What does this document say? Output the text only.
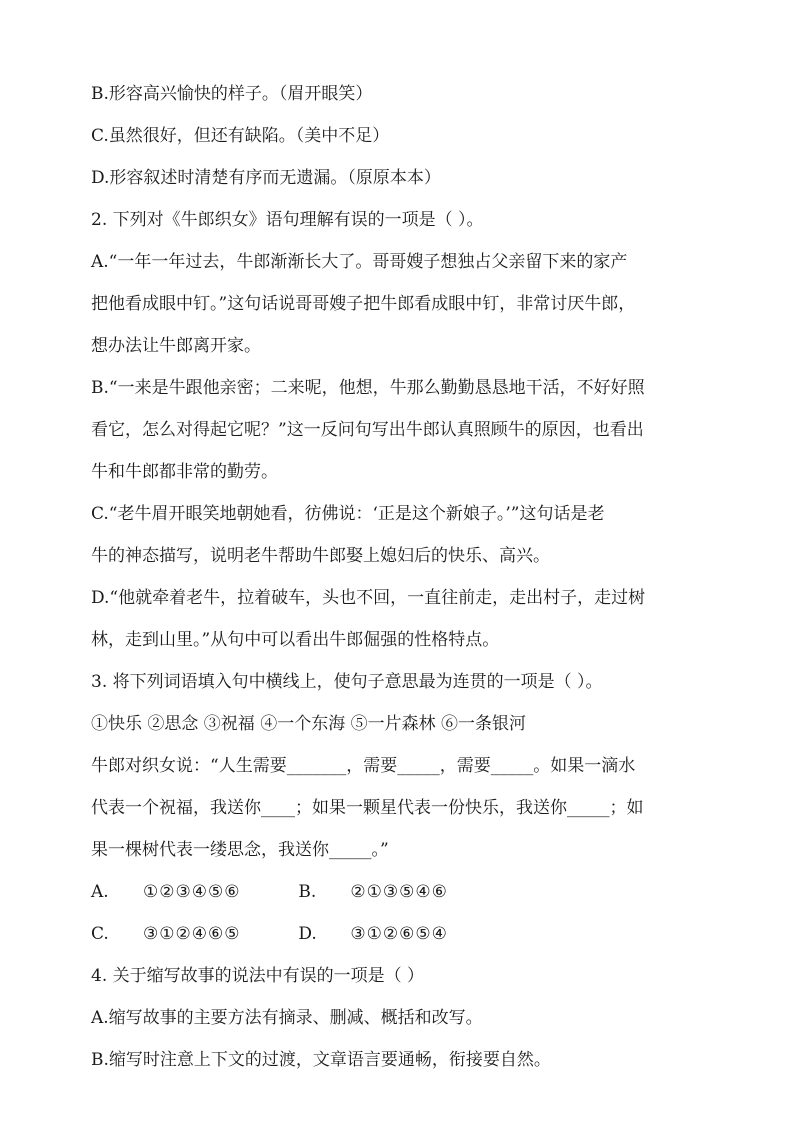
B.形容高兴愉快的样子。（眉开眼笑）
C.虽然很好，但还有缺陷。（美中不足）
D.形容叙述时清楚有序而无遗漏。（原原本本）
2. 下列对《牛郎织女》语句理解有误的一项是（ ）。
A.“一年一年过去，牛郎渐渐长大了。哥哥嫂子想独占父亲留下来的家产
把他看成眼中钉。”这句话说哥哥嫂子把牛郎看成眼中钉，非常讨厌牛郎，
想办法让牛郎离开家。
B.“一来是牛跟他亲密；二来呢，他想，牛那么勤勤恳恳地干活，不好好照
看它，怎么对得起它呢？”这一反问句写出牛郎认真照顾牛的原因，也看出
牛和牛郎都非常的勤劳。
C.“老牛眉开眼笑地朝她看，彷佛说：‘正是这个新娘子。’”这句话是老
牛的神态描写，说明老牛帮助牛郎娶上媳妇后的快乐、高兴。
D.“他就牵着老牛，拉着破车，头也不回，一直往前走，走出村子，走过树
林，走到山里。”从句中可以看出牛郎倔强的性格特点。
3. 将下列词语填入句中横线上，使句子意思最为连贯的一项是（ ）。
①快乐 ②思念 ③祝福 ④一个东海 ⑤一片森林 ⑥一条银河
牛郎对织女说：“人生需要_______，需要_____，需要_____。如果一滴水
代表一个祝福，我送你____；如果一颗星代表一份快乐，我送你_____；如
果一棵树代表一缕思念，我送你_____。”
A. ①②③④⑤⑥	B. ②①③⑤④⑥
C. ③①②④⑥⑤	D. ③①②⑥⑤④
4. 关于缩写故事的说法中有误的一项是（ ）
A.缩写故事的主要方法有摘录、删减、概括和改写。
B.缩写时注意上下文的过渡，文章语言要通畅，衔接要自然。
